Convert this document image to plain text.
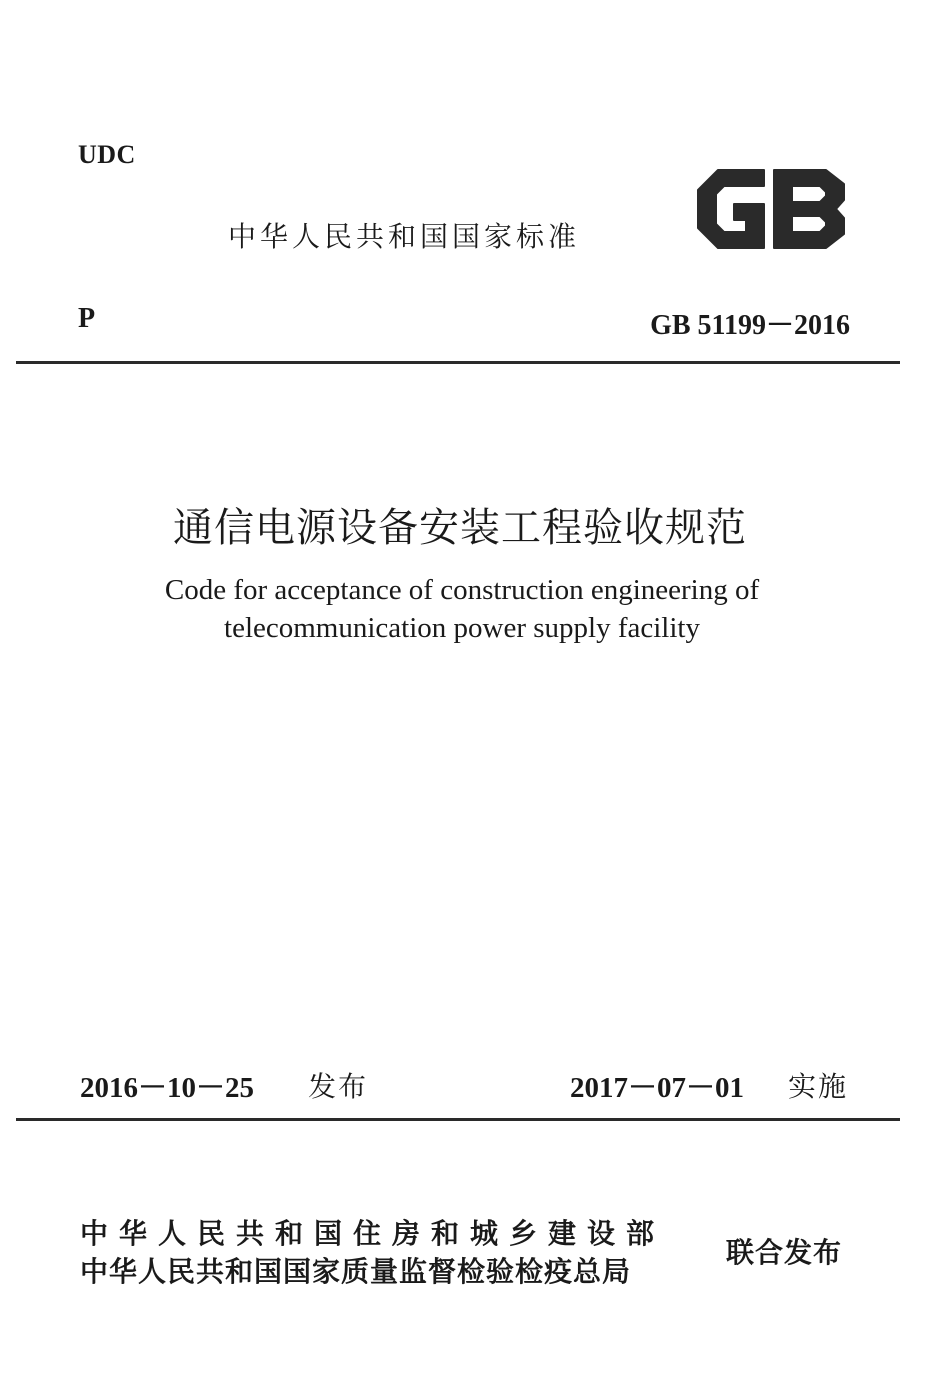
UDC
中华人民共和国国家标准
P	GB 51199－2016
通信电源设备安装工程验收规范
Code for acceptance of construction engineering of
telecommunication power supply facility
2016－10－25 发布	2017－07－01 实施
中华人民共和国住房和城乡建设部
中华人民共和国国家质量监督检验检疫总局
联合发布
